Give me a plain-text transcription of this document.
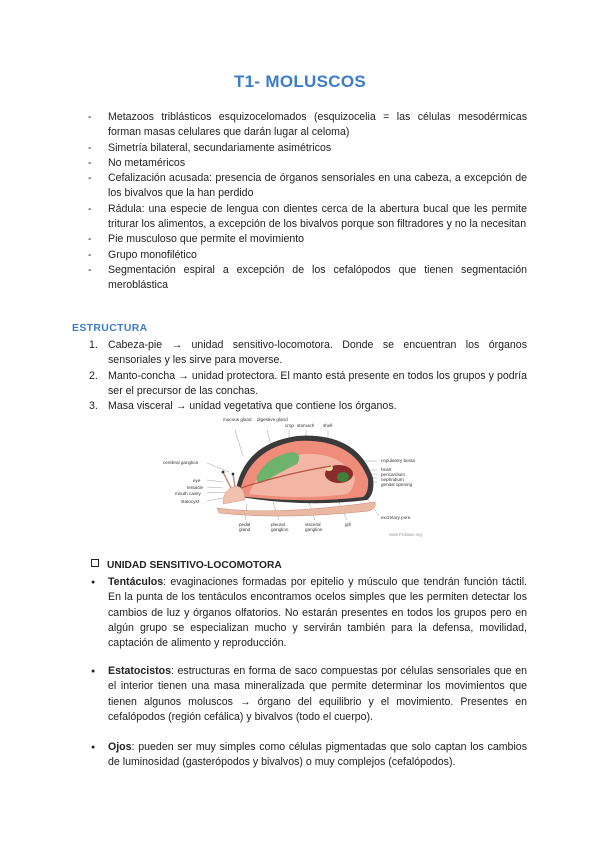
T1- MOLUSCOS
- Metazoos triblásticos esquizocelomados (esquizocelia = las células mesodérmicas forman masas celulares que darán lugar al celoma)
- Simetría bilateral, secundariamente asimétricos
- No metaméricos
- Cefalización acusada: presencia de órganos sensoriales en una cabeza, a excepción de los bivalvos que la han perdido
- Rádula: una especie de lengua con dientes cerca de la abertura bucal que les permite triturar los alimentos, a excepción de los bivalvos porque son filtradores y no la necesitan
- Pie musculoso que permite el movimiento
- Grupo monofilético
- Segmentación espiral a excepción de los cefalópodos que tienen segmentación meroblástica
ESTRUCTURA
1. Cabeza-pie → unidad sensitivo-locomotora. Donde se encuentran los órganos sensoriales y les sirve para moverse.
2. Manto-concha → unidad protectora. El manto está presente en todos los grupos y podría ser el precursor de las conchas.
3. Masa visceral → unidad vegetativa que contiene los órganos.
mucous gland digestive gland
crop stomach shell
copulatory bursa
heart
pericardium
nephridium
genital opening
excretory pore
cerebral ganglion
eye
tentacle
mouth cavity
statocyst
pedal gland
pleural ganglion
visceral ganglion
gill
www.Probase.org
UNIDAD SENSITIVO-LOCOMOTORA

● Tentáculos: evaginaciones formadas por epitelio y músculo que tendrán función táctil. En la punta de los tentáculos encontramos ocelos simples que les permiten detectar los cambios de luz y órganos olfatorios. No estarán presentes en todos los grupos pero en algún grupo se especializan mucho y servirán también para la defensa, movilidad, captación de alimento y reproducción.

● Estatocistos: estructuras en forma de saco compuestas por células sensoriales que en el interior tienen una masa mineralizada que permite determinar los movimientos que tienen algunos moluscos → órgano del equilibrio y el movimiento. Presentes en cefalópodos (región cefálica) y bivalvos (todo el cuerpo).

● Ojos: pueden ser muy simples como células pigmentadas que solo captan los cambios de luminosidad (gasterópodos y bivalvos) o muy complejos (cefalópodos).
